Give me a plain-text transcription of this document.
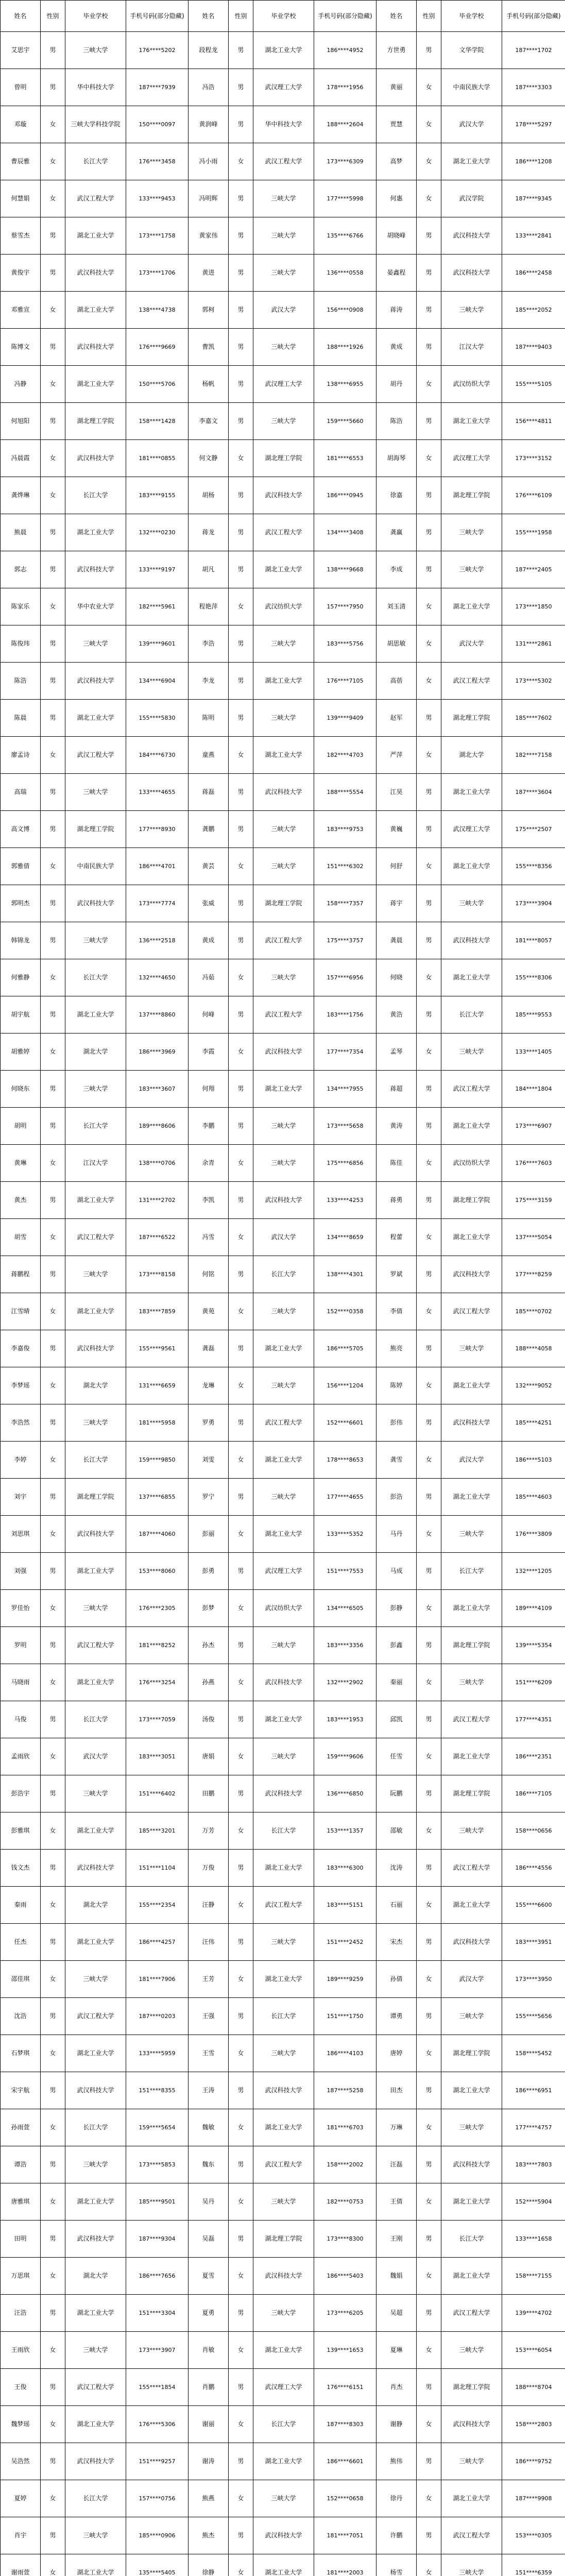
姓名	性别	毕业学校	手机号码(部分隐藏)	姓名	性别	毕业学校	手机号码(部分隐藏)	姓名	性别	毕业学校	手机号码(部分隐藏)
艾思宇	男	三峡大学	176****5202	段程龙	男	湖北工业大学	186****4952	方世勇	男	文华学院	187****1702
曾明	男	华中科技大学	187****7939	冯浩	男	武汉理工大学	178****1956	黄丽	女	中南民族大学	187****3303
邓璇	女	三峡大学科技学院	150****0097	黄润峰	男	华中科技大学	188****2604	贾慧	女	武汉大学	178****5297
曹辰雅	女	长江大学	176****3458	冯小雨	女	武汉工程大学	173****6309	高梦	女	湖北工业大学	186****1208
何慧娟	女	武汉工程大学	133****9453	冯明辉	男	三峡大学	177****5998	何惠	女	武汉学院	187****9345
蔡雪杰	男	湖北工业大学	173****1758	黄家伟	男	三峡大学	135****6766	胡晓峰	男	武汉科技大学	133****2841
黄俊宇	男	武汉科技大学	173****1706	黄进	男	三峡大学	136****0558	晏鑫程	男	武汉科技大学	186****2458
邓雅宣	女	湖北工业大学	138****4738	郭柯	男	武汉大学	156****0908	蒋涛	男	三峡大学	185****2052
陈博文	男	武汉科技大学	176****9669	曹凯	男	三峡大学	188****1926	黄成	男	江汉大学	187****9403
冯静	女	湖北工业大学	150****5706	杨帆	男	武汉理工大学	138****6955	胡丹	女	武汉纺织大学	155****5105
何旭阳	男	湖北理工学院	158****1428	李嘉文	男	三峡大学	159****5660	陈浩	男	湖北工业大学	156****4811
冯晨霞	女	武汉科技大学	181****0855	何文静	女	湖北理工学院	181****6553	胡海琴	女	武汉理工大学	173****3152
龚烨琳	女	长江大学	183****9155	胡杨	男	武汉科技大学	186****0945	徐嘉	男	湖北理工学院	176****6109
熊晨	男	湖北工业大学	132****0230	蒋龙	男	武汉工程大学	134****3408	龚赢	男	三峡大学	155****1958
郭志	男	武汉科技大学	133****9197	胡凡	男	湖北工业大学	138****9668	李成	男	三峡大学	187****2405
陈家乐	女	华中农业大学	182****5961	程艳萍	女	武汉纺织大学	157****7950	刘玉清	女	湖北工业大学	173****1850
陈俊玮	男	三峡大学	139****9601	李浩	男	三峡大学	183****5756	胡思敏	女	武汉大学	131****2861
陈浩	男	武汉科技大学	134****6904	李龙	男	湖北工业大学	176****7105	高蓓	女	武汉工程大学	173****5302
陈晨	男	湖北工业大学	155****5830	陈明	男	三峡大学	139****9409	赵军	男	湖北理工学院	185****7602
廖孟诗	女	武汉工程大学	184****6730	童燕	女	湖北工业大学	182****4703	严萍	女	湖北大学	182****7158
高瑞	男	三峡大学	133****4655	蒋磊	男	武汉科技大学	188****5554	江昊	男	湖北工业大学	187****3604
高文博	男	湖北理工学院	177****8930	龚鹏	男	三峡大学	183****9753	黄巍	男	武汉理工大学	175****2507
郭雅倩	女	中南民族大学	186****4701	黄芸	女	三峡大学	151****6302	何舒	女	湖北工业大学	155****8356
郭明杰	男	武汉科技大学	173****7774	张威	男	湖北理工学院	158****7357	蒋宇	男	三峡大学	173****3904
韩锦龙	男	三峡大学	136****2518	黄成	男	武汉工程大学	175****3757	龚晨	男	武汉科技大学	181****8057
何雅静	女	长江大学	132****4650	冯茹	女	三峡大学	157****6956	何晓	女	湖北工业大学	155****8306
胡宇航	男	湖北工业大学	137****8860	何峰	男	武汉工程大学	183****1756	黄浩	男	长江大学	185****9553
胡雅婷	女	湖北大学	186****3969	李霞	女	武汉科技大学	177****7354	孟琴	女	三峡大学	133****1405
何晓东	男	三峡大学	183****3607	何翔	男	湖北工业大学	134****7955	蒋超	男	武汉工程大学	184****1804
胡明	男	长江大学	189****8606	李鹏	男	三峡大学	173****5658	黄涛	男	湖北工业大学	173****6907
黄琳	女	江汉大学	138****0706	余青	女	三峡大学	175****6856	陈佳	女	武汉纺织大学	176****7603
黄杰	男	湖北工业大学	131****2702	李凯	男	武汉科技大学	133****4253	蒋勇	男	湖北理工学院	175****3159
胡雪	女	武汉工程大学	187****6522	冯雪	女	武汉大学	134****8659	程蕾	女	湖北工业大学	137****5054
蒋鹏程	男	三峡大学	173****8158	何铭	男	长江大学	138****4301	罗斌	男	武汉科技大学	177****8259
江雪晴	女	湖北工业大学	183****7859	黄苑	女	三峡大学	152****0358	李倩	女	武汉工程大学	185****0702
李嘉俊	男	武汉科技大学	155****9561	龚磊	男	湖北工业大学	186****5705	熊亮	男	三峡大学	188****4058
李梦瑶	女	湖北大学	131****6659	龙琳	女	三峡大学	156****1204	陈婷	女	湖北工业大学	132****9052
李浩然	男	三峡大学	181****5958	罗勇	男	武汉工程大学	152****6601	彭伟	男	武汉科技大学	185****4251
李婷	女	长江大学	159****9850	刘雯	女	湖北工业大学	178****8653	龚雪	女	武汉大学	186****5103
刘宇	男	湖北理工学院	137****6855	罗宁	男	三峡大学	177****4655	彭浩	男	湖北工业大学	185****4603
刘思琪	女	武汉科技大学	187****4060	彭丽	女	湖北工业大学	133****5352	马丹	女	三峡大学	176****3809
刘强	男	湖北工业大学	153****8060	彭勇	男	武汉理工大学	151****7553	马成	男	长江大学	132****1205
罗佳怡	女	三峡大学	176****2305	彭梦	女	武汉纺织大学	134****6505	彭静	女	湖北工业大学	189****4109
罗明	男	武汉工程大学	181****8252	孙杰	男	三峡大学	183****3356	彭鑫	男	湖北理工学院	139****5354
马晓雨	女	湖北工业大学	176****3254	孙燕	女	武汉科技大学	132****2902	秦丽	女	三峡大学	151****6209
马俊	男	长江大学	173****7059	汤俊	男	湖北工业大学	183****1953	邱凯	男	武汉工程大学	177****4351
孟雨欣	女	武汉大学	183****3051	唐娟	女	三峡大学	159****9606	任雪	女	湖北工业大学	186****2351
彭浩宇	男	三峡大学	151****6402	田鹏	男	武汉科技大学	136****6850	阮鹏	男	湖北理工学院	186****7105
彭雅琪	女	湖北工业大学	185****3201	万芳	女	长江大学	153****1357	邵敏	女	三峡大学	158****0656
钱文杰	男	武汉科技大学	151****1104	万俊	男	湖北工业大学	183****6300	沈涛	男	武汉工程大学	186****4556
秦雨	女	湖北大学	155****2354	汪静	女	武汉工程大学	183****5151	石丽	女	湖北工业大学	155****6600
任杰	男	湖北工业大学	186****4257	汪伟	男	三峡大学	151****2452	宋杰	男	武汉科技大学	183****3951
邵佳琪	女	三峡大学	181****7906	王芳	女	湖北工业大学	189****9259	孙倩	女	武汉大学	173****3950
沈浩	男	武汉工程大学	187****0203	王强	男	长江大学	151****1750	谭勇	男	三峡大学	155****5656
石梦琪	女	湖北工业大学	133****5959	王雪	女	三峡大学	186****4103	唐婷	女	湖北理工学院	158****5452
宋宇航	男	武汉科技大学	151****8355	王涛	男	武汉科技大学	187****5258	田杰	男	湖北工业大学	186****6951
孙雨萱	女	长江大学	159****5654	魏敏	女	湖北工业大学	181****6703	万琳	女	三峡大学	177****4757
谭浩	男	三峡大学	173****5853	魏东	男	武汉工程大学	158****2002	汪磊	男	武汉科技大学	183****7803
唐雅琪	女	湖北工业大学	185****9501	吴丹	女	三峡大学	182****0753	王倩	女	湖北工业大学	152****5904
田明	男	武汉科技大学	187****9304	吴磊	男	湖北理工学院	173****8300	王刚	男	长江大学	133****1658
万思琪	女	湖北大学	186****7656	夏雪	女	武汉科技大学	186****5403	魏娟	女	湖北工业大学	158****7155
汪浩	男	湖北工业大学	151****3304	夏勇	男	三峡大学	173****6205	吴超	男	武汉工程大学	139****4702
王雨欣	女	三峡大学	173****3907	肖敏	女	湖北工业大学	139****1653	夏琳	女	三峡大学	153****6054
王俊	男	武汉工程大学	155****1854	肖鹏	男	武汉理工大学	176****6151	肖杰	男	湖北理工学院	188****8704
魏梦瑶	女	湖北工业大学	176****5306	谢丽	女	长江大学	187****8303	谢静	女	武汉科技大学	158****2803
吴浩然	男	武汉科技大学	151****9257	谢涛	男	湖北工业大学	186****6601	熊伟	男	三峡大学	186****9752
夏婷	女	长江大学	157****0756	熊燕	女	三峡大学	152****0658	徐丹	女	湖北工业大学	187****9908
肖宇	男	三峡大学	185****0906	熊杰	男	武汉科技大学	181****7051	许鹏	男	武汉工程大学	153****0305
谢雨萱	女	湖北工业大学	135****5405	徐静	女	湖北工业大学	181****2003	杨雪	女	三峡大学	151****6359
